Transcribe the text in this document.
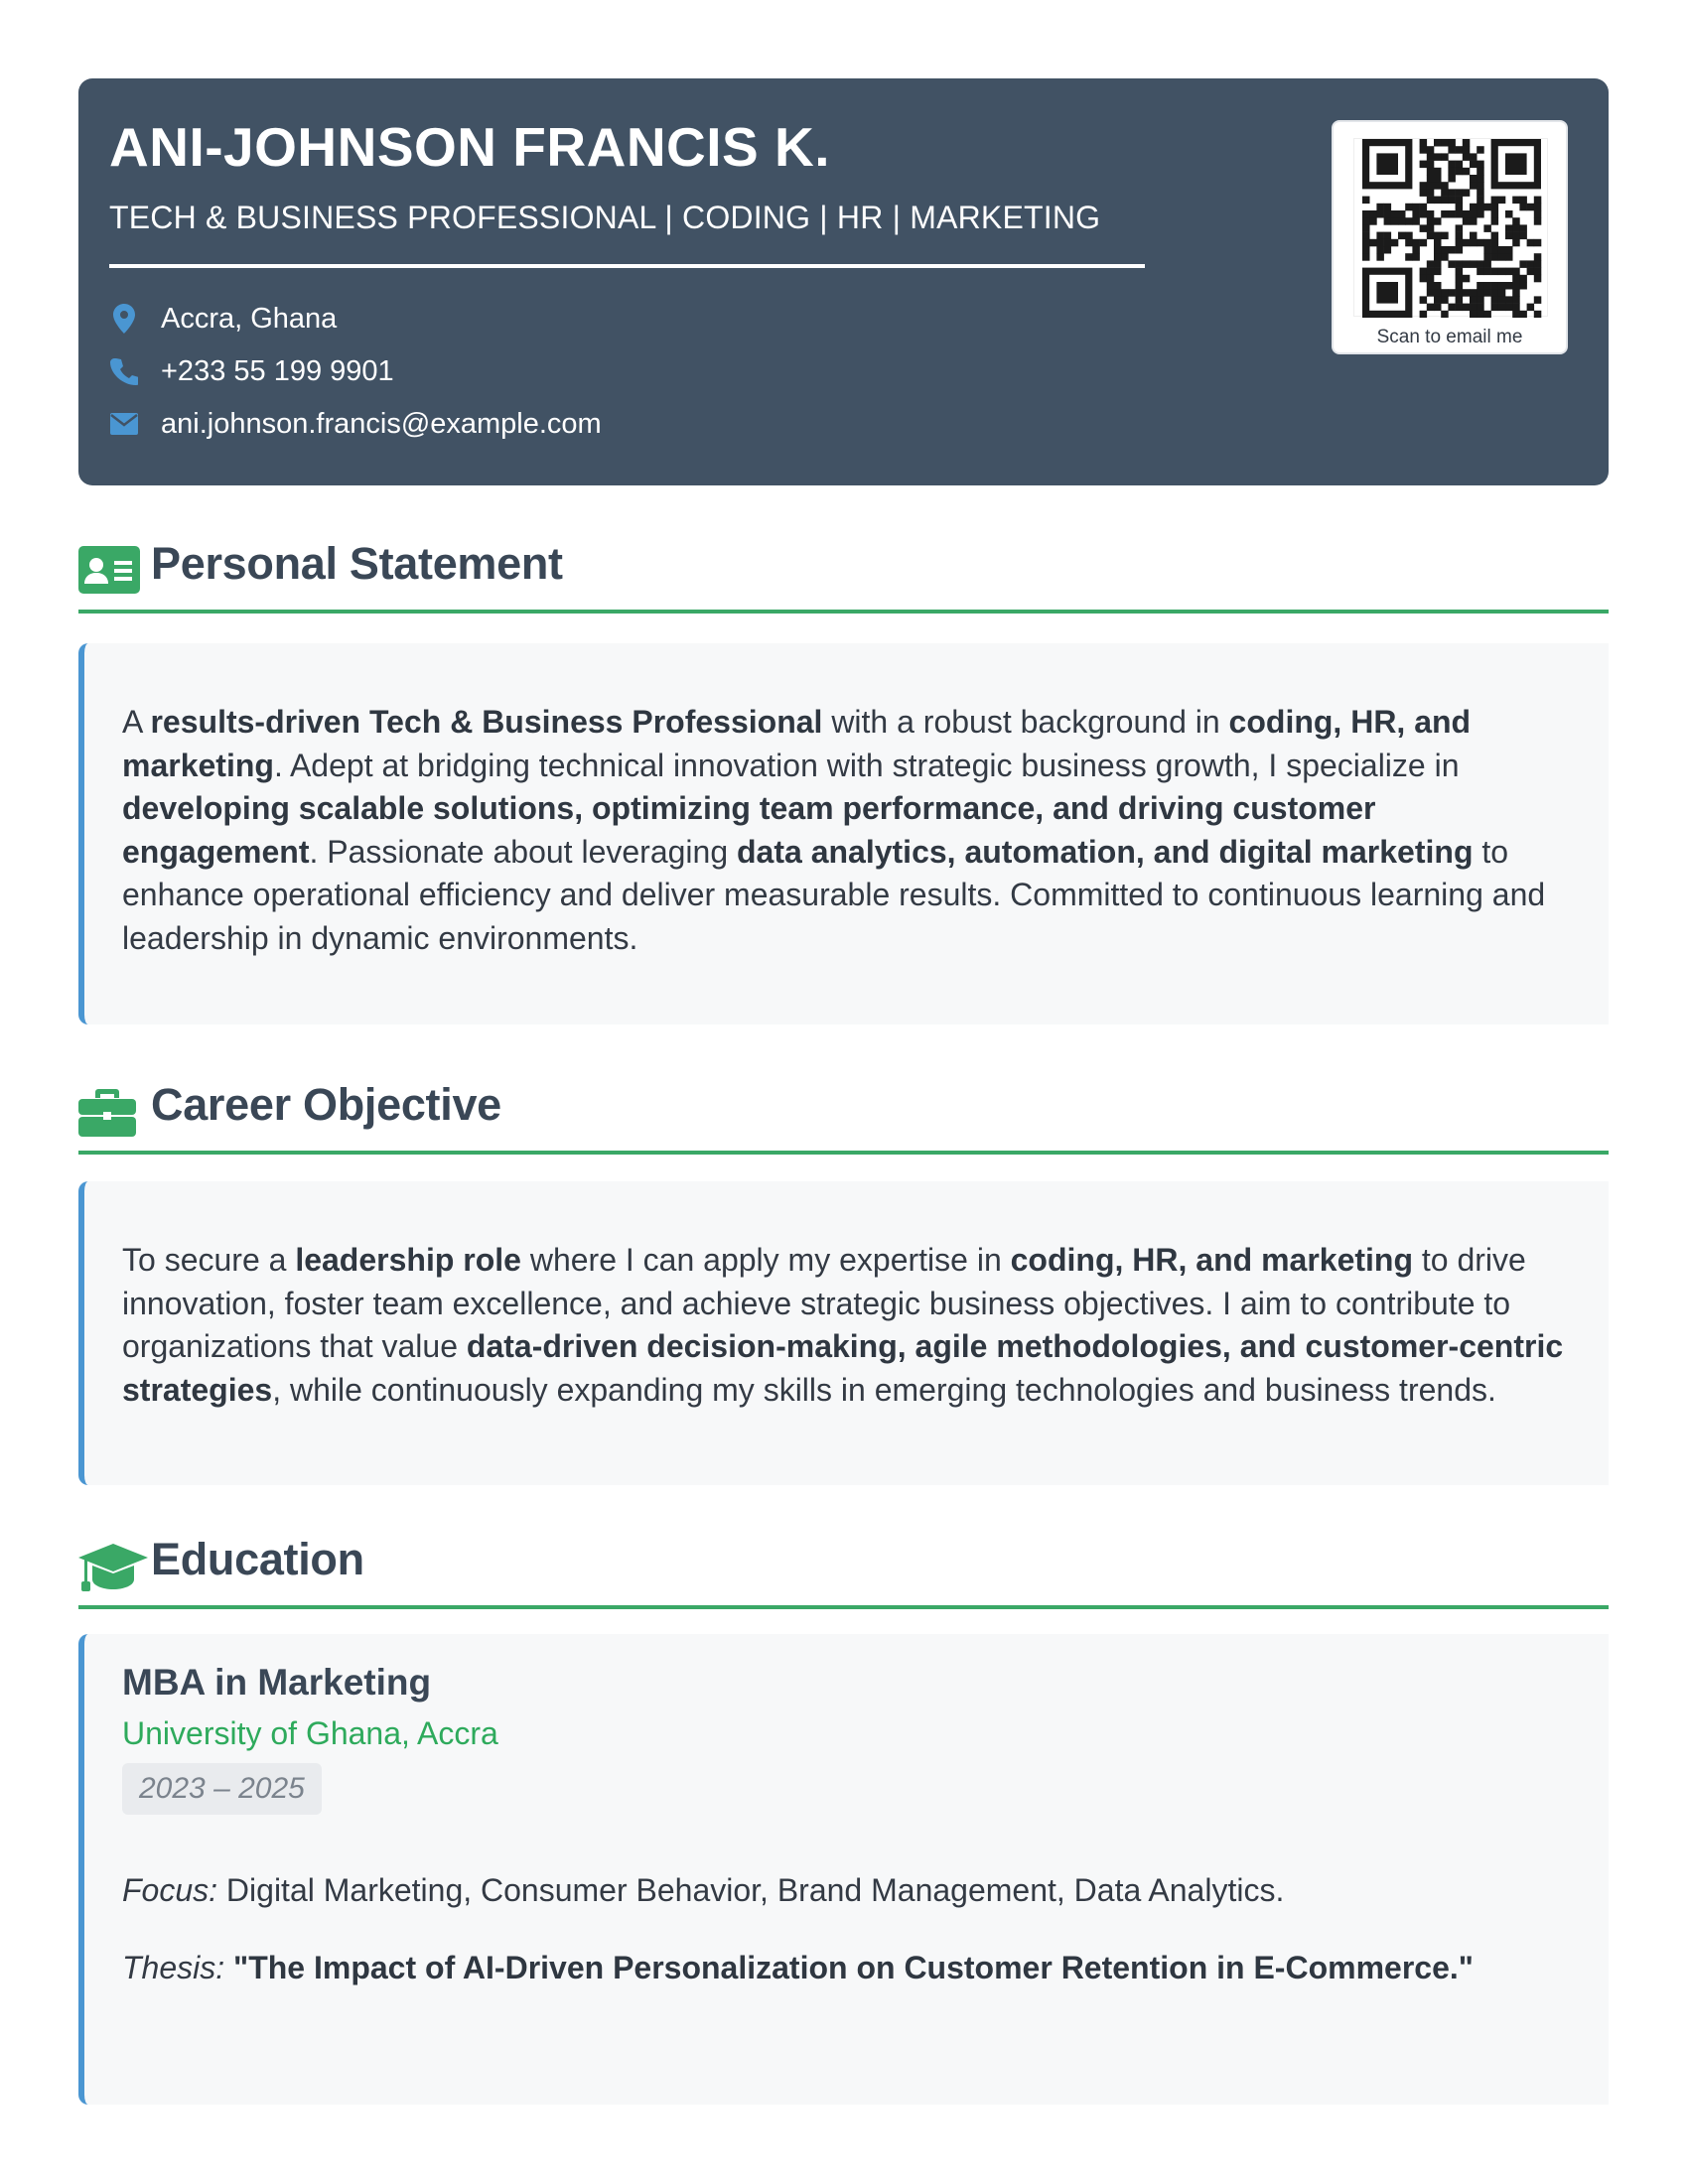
ANI-JOHNSON FRANCIS K.
TECH & BUSINESS PROFESSIONAL | CODING | HR | MARKETING
Accra, Ghana
+233 55 199 9901
ani.johnson.francis@example.com
Scan to email me
Personal Statement

A results-driven Tech & Business Professional with a robust background in coding, HR, and marketing. Adept at bridging technical innovation with strategic business growth, I specialize in developing scalable solutions, optimizing team performance, and driving customer engagement. Passionate about leveraging data analytics, automation, and digital marketing to enhance operational efficiency and deliver measurable results. Committed to continuous learning and leadership in dynamic environments.

Career Objective

To secure a leadership role where I can apply my expertise in coding, HR, and marketing to drive innovation, foster team excellence, and achieve strategic business objectives. I aim to contribute to organizations that value data-driven decision-making, agile methodologies, and customer-centric strategies, while continuously expanding my skills in emerging technologies and business trends.

Education
MBA in Marketing
University of Ghana, Accra
2023 – 2025
Focus: Digital Marketing, Consumer Behavior, Brand Management, Data Analytics.
Thesis: "The Impact of AI-Driven Personalization on Customer Retention in E-Commerce."
